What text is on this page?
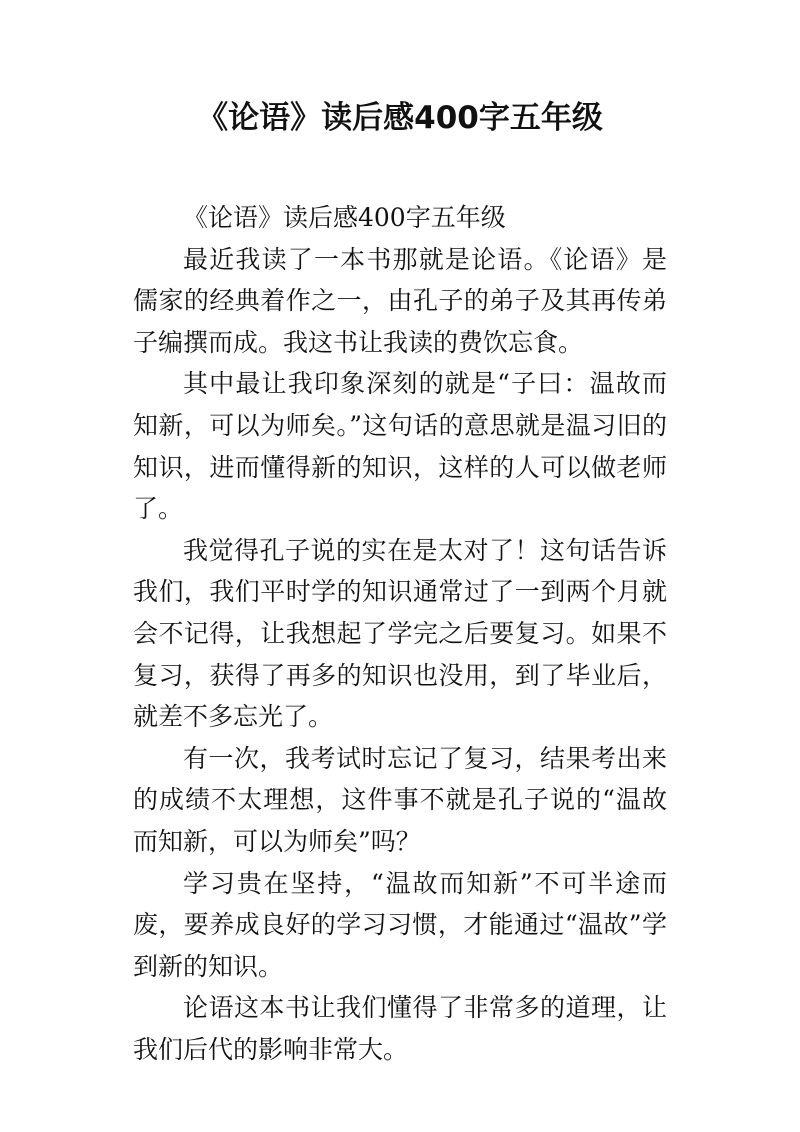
《论语》读后感400字五年级

《论语》读后感400字五年级

最近我读了一本书那就是论语。《论语》是儒家的经典着作之一，由孔子的弟子及其再传弟子编撰而成。我这书让我读的费饮忘食。

其中最让我印象深刻的就是“子曰：温故而知新，可以为师矣。”这句话的意思就是温习旧的知识，进而懂得新的知识，这样的人可以做老师了。

我觉得孔子说的实在是太对了！这句话告诉我们，我们平时学的知识通常过了一到两个月就会不记得，让我想起了学完之后要复习。如果不复习，获得了再多的知识也没用，到了毕业后，就差不多忘光了。

有一次，我考试时忘记了复习，结果考出来的成绩不太理想，这件事不就是孔子说的“温故而知新，可以为师矣”吗？

学习贵在坚持，“温故而知新”不可半途而废，要养成良好的学习习惯，才能通过“温故”学到新的知识。

论语这本书让我们懂得了非常多的道理，让我们后代的影响非常大。
